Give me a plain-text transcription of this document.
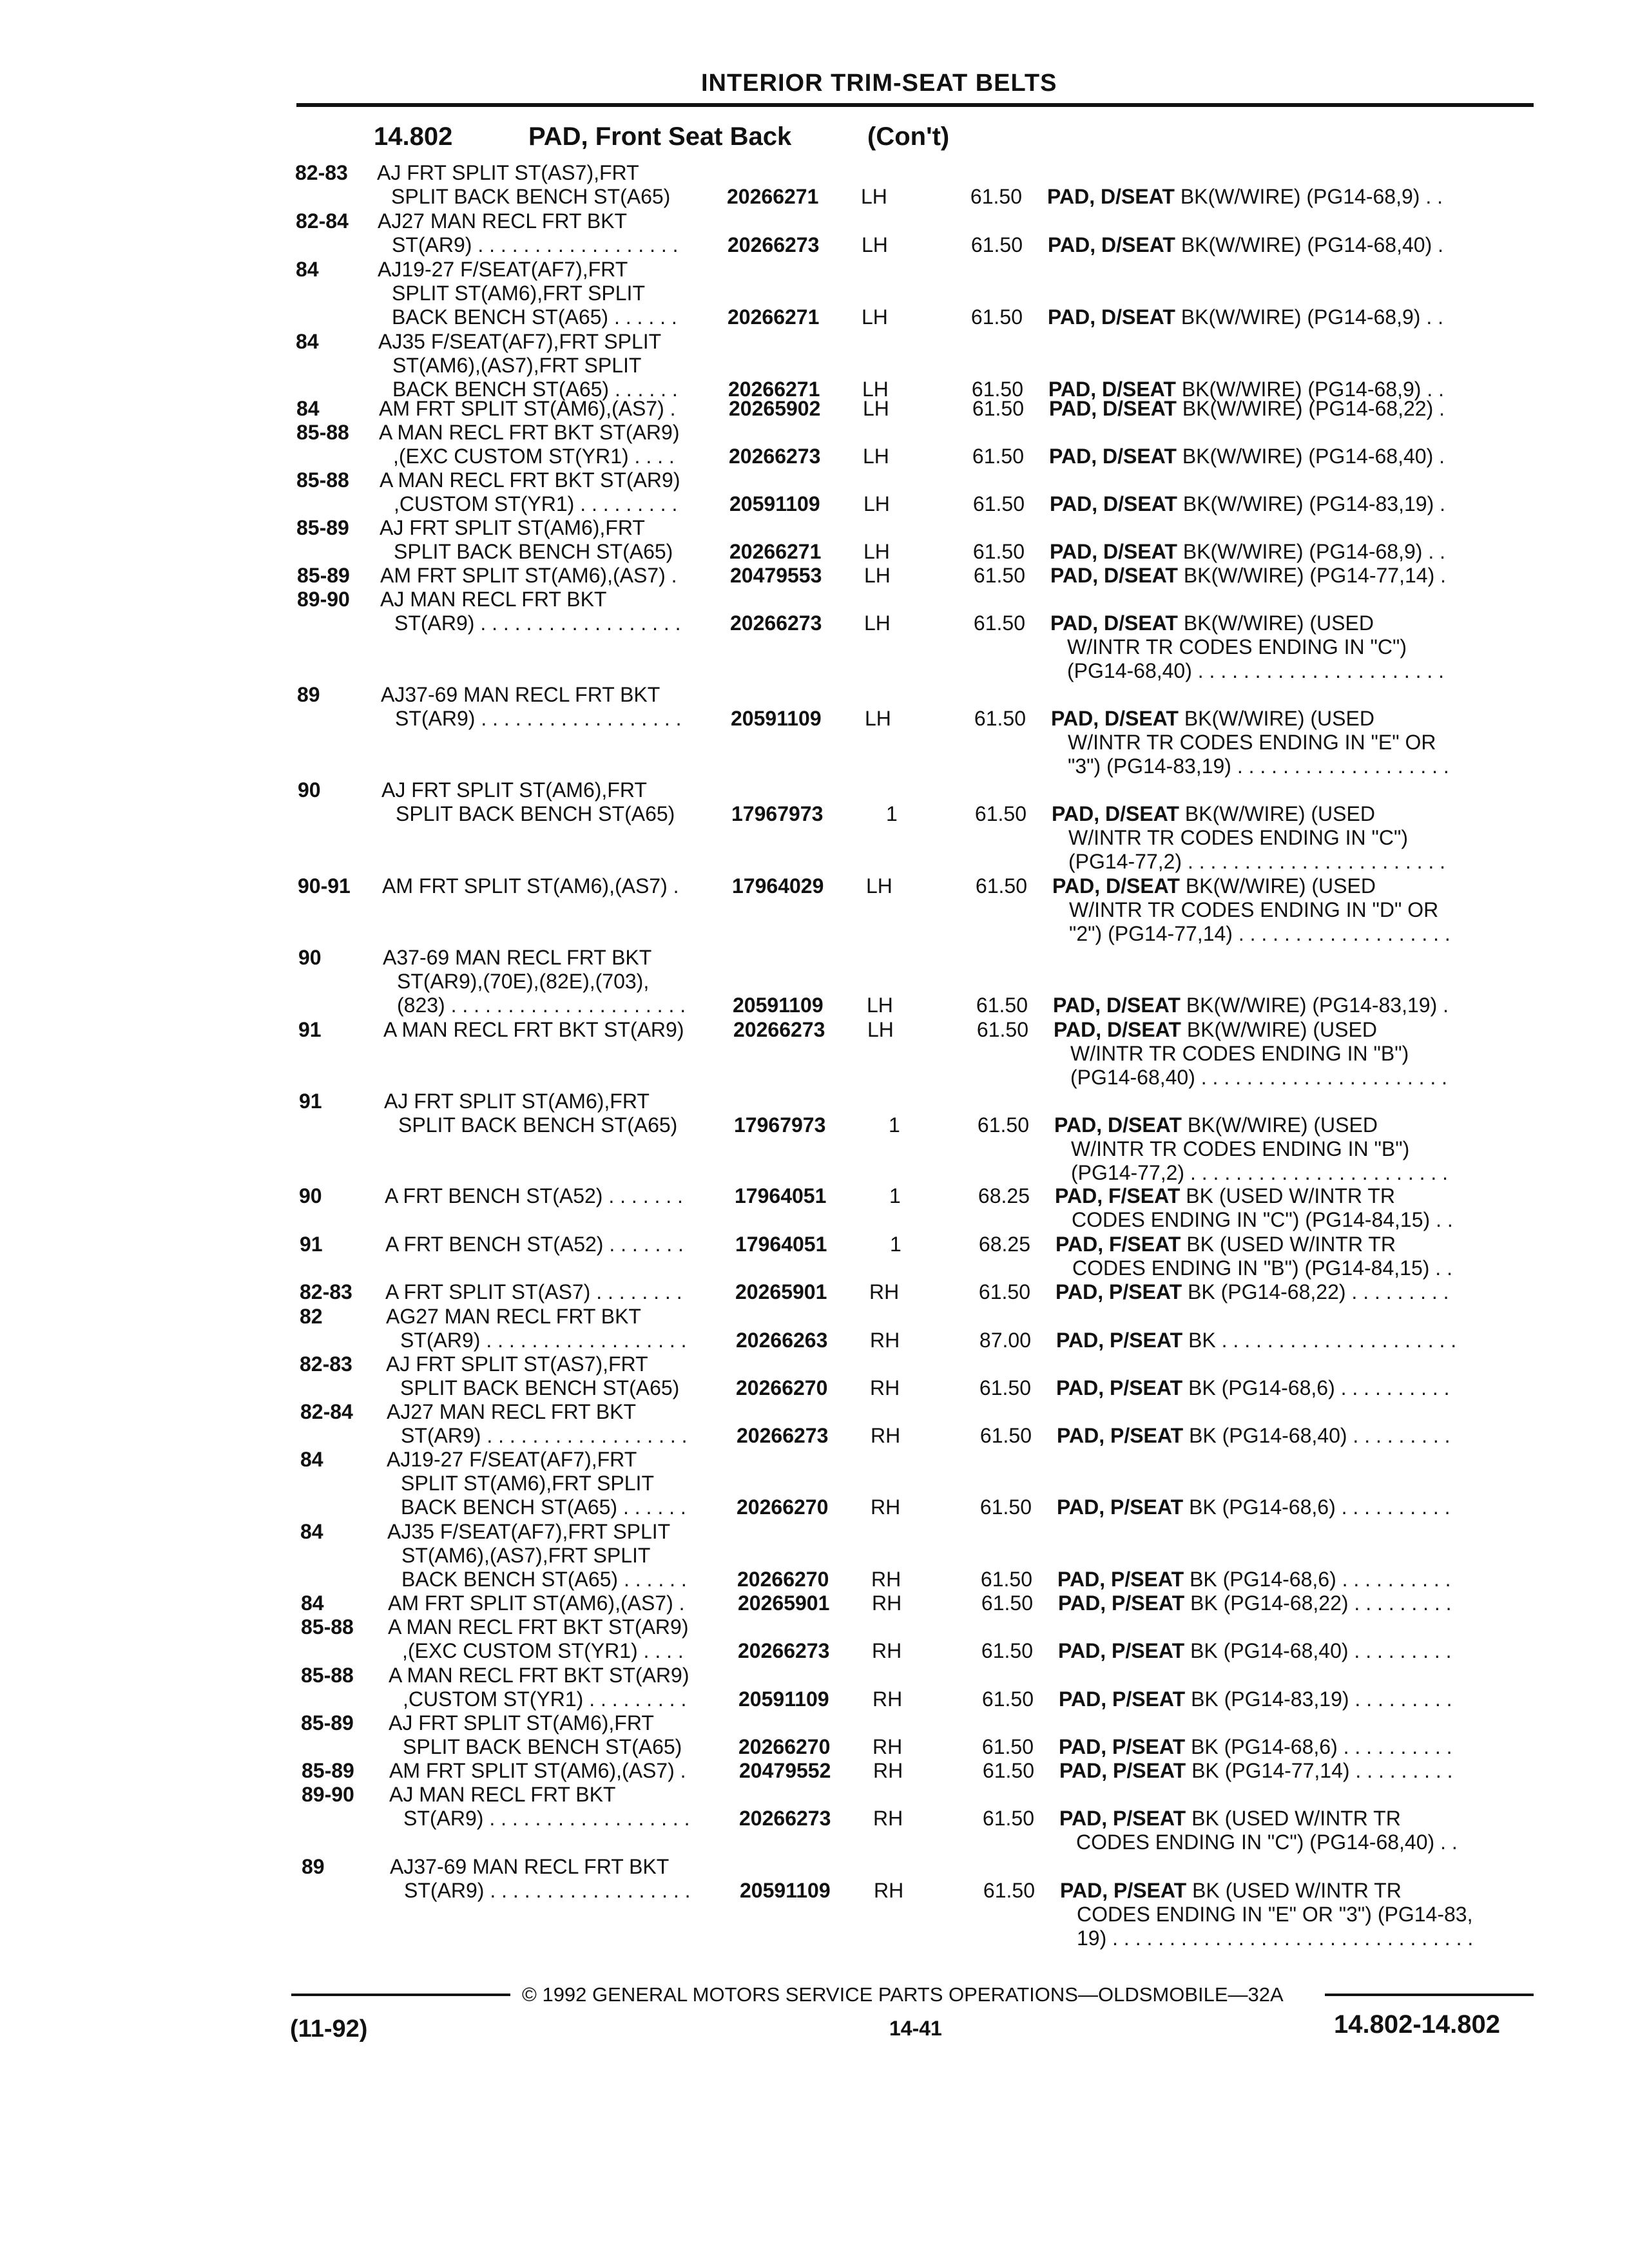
INTERIOR TRIM-SEAT BELTS
14.802	PAD, Front Seat Back	(Con't)
82-83 AJ FRT SPLIT ST(AS7),FRT
SPLIT BACK BENCH ST(A65)	20266271 LH	61.50 PAD, D/SEAT BK(W/WIRE) (PG14-68,9) . .
82-84 AJ27 MAN RECL FRT BKT
ST(AR9) . . . . . . . . . . . . . . . . . . 20266273 LH	61.50 PAD, D/SEAT BK(W/WIRE) (PG14-68,40) .
84	AJ19-27 F/SEAT(AF7),FRT
SPLIT ST(AM6),FRT SPLIT
BACK BENCH ST(A65) . . . . . . 20266271 LH	61.50 PAD, D/SEAT BK(W/WIRE) (PG14-68,9) . .
84	AJ35 F/SEAT(AF7),FRT SPLIT
ST(AM6),(AS7),FRT SPLIT
BACK BENCH ST(A65) . . . . . . 20266271 LH	61.50 PAD, D/SEAT BK(W/WIRE) (PG14-68,9) . .
84	AM FRT SPLIT ST(AM6),(AS7) .	20265902 LH	61.50 PAD, D/SEAT BK(W/WIRE) (PG14-68,22) .
85-88 A MAN RECL FRT BKT ST(AR9)
,(EXC CUSTOM ST(YR1) . . . .	20266273 LH	61.50 PAD, D/SEAT BK(W/WIRE) (PG14-68,40) .
85-88 A MAN RECL FRT BKT ST(AR9)
,CUSTOM ST(YR1) . . . . . . . . .	20591109 LH	61.50 PAD, D/SEAT BK(W/WIRE) (PG14-83,19) .
85-89 AJ FRT SPLIT ST(AM6),FRT
SPLIT BACK BENCH ST(A65)	20266271 LH	61.50 PAD, D/SEAT BK(W/WIRE) (PG14-68,9) . .
85-89 AM FRT SPLIT ST(AM6),(AS7) .	20479553 LH	61.50 PAD, D/SEAT BK(W/WIRE) (PG14-77,14) .
89-90 AJ MAN RECL FRT BKT
ST(AR9) . . . . . . . . . . . . . . . . . . 20266273 LH	61.50 PAD, D/SEAT BK(W/WIRE) (USED
W/INTR TR CODES ENDING IN "C")
(PG14-68,40) . . . . . . . . . . . . . . . . . . . . . .
89	AJ37-69 MAN RECL FRT BKT
ST(AR9) . . . . . . . . . . . . . . . . . . 20591109 LH	61.50 PAD, D/SEAT BK(W/WIRE) (USED
W/INTR TR CODES ENDING IN "E" OR
"3") (PG14-83,19) . . . . . . . . . . . . . . . . . . .
90	AJ FRT SPLIT ST(AM6),FRT
SPLIT BACK BENCH ST(A65)	17967973	1	61.50 PAD, D/SEAT BK(W/WIRE) (USED
W/INTR TR CODES ENDING IN "C")
(PG14-77,2) . . . . . . . . . . . . . . . . . . . . . . .
90-91 AM FRT SPLIT ST(AM6),(AS7) .	17964029 LH	61.50 PAD, D/SEAT BK(W/WIRE) (USED
W/INTR TR CODES ENDING IN "D" OR
"2") (PG14-77,14) . . . . . . . . . . . . . . . . . . .
90	A37-69 MAN RECL FRT BKT
ST(AR9),(70E),(82E),(703),
(823) . . . . . . . . . . . . . . . . . . . . . 20591109 LH	61.50 PAD, D/SEAT BK(W/WIRE) (PG14-83,19) .
91	A MAN RECL FRT BKT ST(AR9) 20266273 LH	61.50 PAD, D/SEAT BK(W/WIRE) (USED
W/INTR TR CODES ENDING IN "B")
(PG14-68,40) . . . . . . . . . . . . . . . . . . . . . .
91	AJ FRT SPLIT ST(AM6),FRT
SPLIT BACK BENCH ST(A65)	17967973	1	61.50 PAD, D/SEAT BK(W/WIRE) (USED
W/INTR TR CODES ENDING IN "B")
(PG14-77,2) . . . . . . . . . . . . . . . . . . . . . . .
90	A FRT BENCH ST(A52) . . . . . . .	17964051	1	68.25 PAD, F/SEAT BK (USED W/INTR TR
CODES ENDING IN "C") (PG14-84,15) . .
91	A FRT BENCH ST(A52) . . . . . . .	17964051	1	68.25 PAD, F/SEAT BK (USED W/INTR TR
CODES ENDING IN "B") (PG14-84,15) . .
82-83 A FRT SPLIT ST(AS7) . . . . . . . .	20265901 RH	61.50 PAD, P/SEAT BK (PG14-68,22) . . . . . . . . .
82	AG27 MAN RECL FRT BKT
ST(AR9) . . . . . . . . . . . . . . . . . . 20266263 RH	87.00 PAD, P/SEAT BK . . . . . . . . . . . . . . . . . . . . .
82-83 AJ FRT SPLIT ST(AS7),FRT
SPLIT BACK BENCH ST(A65)	20266270 RH	61.50 PAD, P/SEAT BK (PG14-68,6) . . . . . . . . . .
82-84 AJ27 MAN RECL FRT BKT
ST(AR9) . . . . . . . . . . . . . . . . . . 20266273 RH	61.50 PAD, P/SEAT BK (PG14-68,40) . . . . . . . . .
84	AJ19-27 F/SEAT(AF7),FRT
SPLIT ST(AM6),FRT SPLIT
BACK BENCH ST(A65) . . . . . . 20266270 RH	61.50 PAD, P/SEAT BK (PG14-68,6) . . . . . . . . . .
84	AJ35 F/SEAT(AF7),FRT SPLIT
ST(AM6),(AS7),FRT SPLIT
BACK BENCH ST(A65) . . . . . . 20266270 RH	61.50 PAD, P/SEAT BK (PG14-68,6) . . . . . . . . . .
84	AM FRT SPLIT ST(AM6),(AS7) .	20265901 RH	61.50 PAD, P/SEAT BK (PG14-68,22) . . . . . . . . .
85-88 A MAN RECL FRT BKT ST(AR9)
,(EXC CUSTOM ST(YR1) . . . .	20266273 RH	61.50 PAD, P/SEAT BK (PG14-68,40) . . . . . . . . .
85-88 A MAN RECL FRT BKT ST(AR9)
,CUSTOM ST(YR1) . . . . . . . . .	20591109 RH	61.50 PAD, P/SEAT BK (PG14-83,19) . . . . . . . . .
85-89 AJ FRT SPLIT ST(AM6),FRT
SPLIT BACK BENCH ST(A65)	20266270 RH	61.50 PAD, P/SEAT BK (PG14-68,6) . . . . . . . . . .
85-89 AM FRT SPLIT ST(AM6),(AS7) .	20479552 RH	61.50 PAD, P/SEAT BK (PG14-77,14) . . . . . . . . .
89-90 AJ MAN RECL FRT BKT
ST(AR9) . . . . . . . . . . . . . . . . . . 20266273 RH	61.50 PAD, P/SEAT BK (USED W/INTR TR
CODES ENDING IN "C") (PG14-68,40) . .
89	AJ37-69 MAN RECL FRT BKT
ST(AR9) . . . . . . . . . . . . . . . . . . 20591109 RH	61.50 PAD, P/SEAT BK (USED W/INTR TR
CODES ENDING IN "E" OR "3") (PG14-83,
19) . . . . . . . . . . . . . . . . . . . . . . . . . . . . . . . .
© 1992 GENERAL MOTORS SERVICE PARTS OPERATIONS—OLDSMOBILE—32A
(11-92)	14-41	14.802-14.802
